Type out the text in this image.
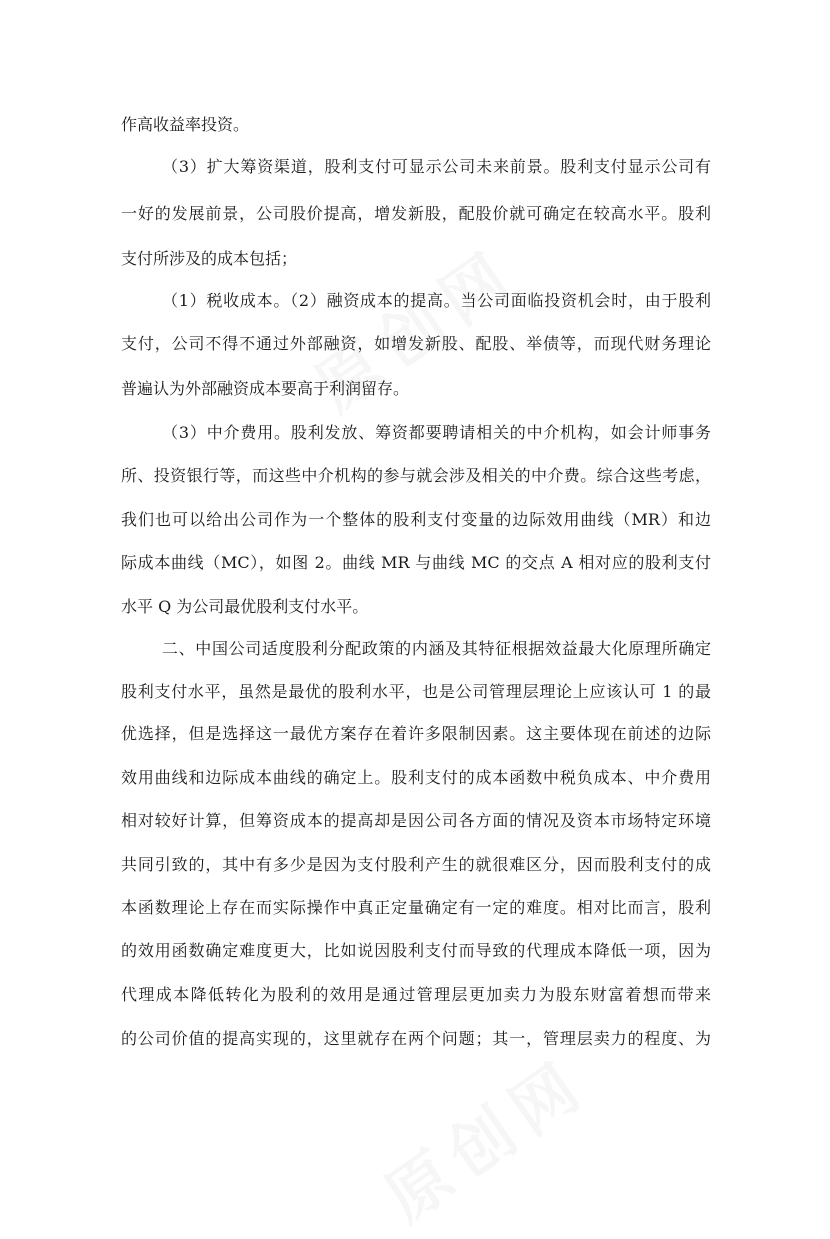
作高收益率投资。
（3）扩大筹资渠道，股利支付可显示公司未来前景。股利支付显示公司有
一好的发展前景，公司股价提高，增发新股，配股价就可确定在较高水平。股利
支付所涉及的成本包括；
（1）税收成本。（2）融资成本的提高。当公司面临投资机会时，由于股利
支付，公司不得不通过外部融资，如增发新股、配股、举债等，而现代财务理论
普遍认为外部融资成本要高于利润留存。
（3）中介费用。股利发放、筹资都要聘请相关的中介机构，如会计师事务
所、投资银行等，而这些中介机构的参与就会涉及相关的中介费。综合这些考虑，
我们也可以给出公司作为一个整体的股利支付变量的边际效用曲线（MR）和边
际成本曲线（MC），如图 2。曲线 MR 与曲线 MC 的交点 A 相对应的股利支付
水平 Q 为公司最优股利支付水平。
二、中国公司适度股利分配政策的内涵及其特征根据效益最大化原理所确定
股利支付水平，虽然是最优的股利水平，也是公司管理层理论上应该认可 1 的最
优选择，但是选择这一最优方案存在着许多限制因素。这主要体现在前述的边际
效用曲线和边际成本曲线的确定上。股利支付的成本函数中税负成本、中介费用
相对较好计算，但筹资成本的提高却是因公司各方面的情况及资本市场特定环境
共同引致的，其中有多少是因为支付股利产生的就很难区分，因而股利支付的成
本函数理论上存在而实际操作中真正定量确定有一定的难度。相对比而言，股利
的效用函数确定难度更大，比如说因股利支付而导致的代理成本降低一项，因为
代理成本降低转化为股利的效用是通过管理层更加卖力为股东财富着想而带来
的公司价值的提高实现的，这里就存在两个问题；其一，管理层卖力的程度、为
